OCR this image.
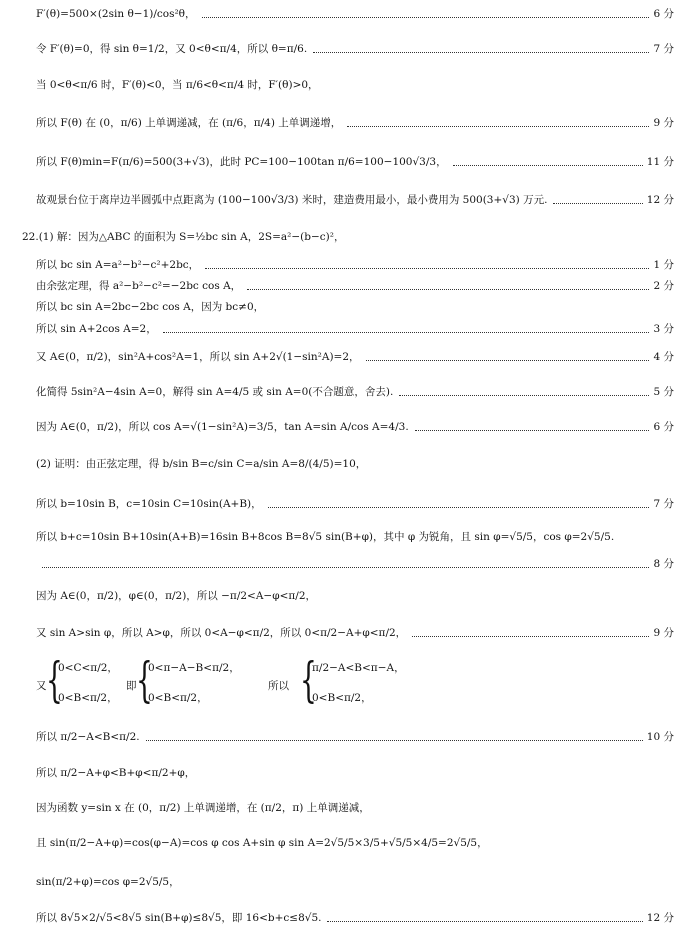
F′(θ)=500×(2sin θ−1)/cos²θ，	6 分
令 F′(θ)=0，得 sin θ=1/2，又 0<θ<π/4，所以 θ=π/6.	7 分
当 0<θ<π/6 时，F′(θ)<0，当 π/6<θ<π/4 时，F′(θ)>0，
所以 F(θ) 在 (0，π/6) 上单调递减，在 (π/6，π/4) 上单调递增，	9 分
所以 F(θ)min=F(π/6)=500(3+√3)，此时 PC=100−100tan π/6=100−100√3/3，	11 分
故观景台位于离岸边半圆弧中点距离为 (100−100√3/3) 米时，建造费用最小，最小费用为 500(3+√3) 万元.	12 分
22.(1) 解：因为△ABC 的面积为 S=½bc sin A，2S=a²−(b−c)²，
所以 bc sin A=a²−b²−c²+2bc，	1 分
由余弦定理，得 a²−b²−c²=−2bc cos A，	2 分
所以 bc sin A=2bc−2bc cos A，因为 bc≠0，
所以 sin A+2cos A=2，	3 分
又 A∈(0，π/2)，sin²A+cos²A=1，所以 sin A+2√(1−sin²A)=2，	4 分
化简得 5sin²A−4sin A=0，解得 sin A=4/5 或 sin A=0(不合题意，舍去).	5 分
因为 A∈(0，π/2)，所以 cos A=√(1−sin²A)=3/5，tan A=sin A/cos A=4/3.	6 分
(2) 证明：由正弦定理，得 b/sin B=c/sin C=a/sin A=8/(4/5)=10，
所以 b=10sin B，c=10sin C=10sin(A+B)，	7 分
所以 b+c=10sin B+10sin(A+B)=16sin B+8cos B=8√5 sin(B+φ)，其中 φ 为锐角，且 sin φ=√5/5，cos φ=2√5/5.
8 分
因为 A∈(0，π/2)，φ∈(0，π/2)，所以 −π/2<A−φ<π/2，
又 sin A>sin φ，所以 A>φ，所以 0<A−φ<π/2，所以 0<π/2−A+φ<π/2，	9 分
所以 π/2−A<B<π/2.	10 分
所以 π/2−A+φ<B+φ<π/2+φ，
因为函数 y=sin x 在 (0，π/2) 上单调递增，在 (π/2，π) 上单调递减，
且 sin(π/2−A+φ)=cos(φ−A)=cos φ cos A+sin φ sin A=2√5/5×3/5+√5/5×4/5=2√5/5，
sin(π/2+φ)=cos φ=2√5/5，
所以 8√5×2/√5<8√5 sin(B+φ)≤8√5，即 16<b+c≤8√5.	12 分
又 {
0<C<π/2，
0<B<π/2，
即 {
0<π−A−B<π/2，
0<B<π/2，
所以 {
π/2−A<B<π−A，
0<B<π/2，
